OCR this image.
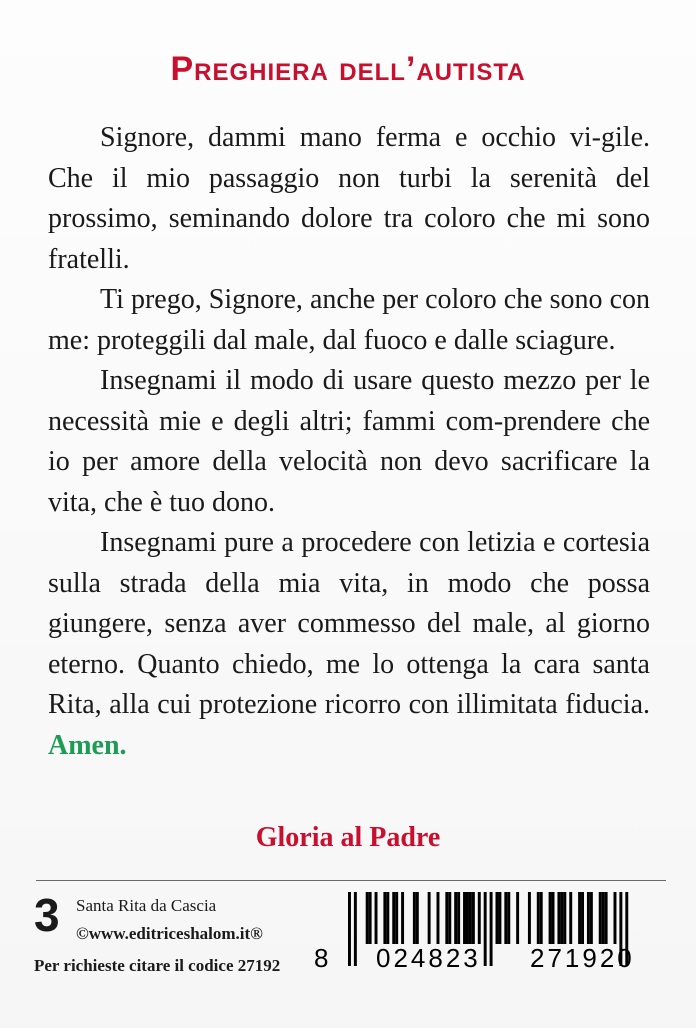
Preghiera dell’autista

Signore, dammi mano ferma e occhio vi-gile. Che il mio passaggio non turbi la serenità del prossimo, seminando dolore tra coloro che mi sono fratelli.

Ti prego, Signore, anche per coloro che sono con me: proteggili dal male, dal fuoco e dalle sciagure.

Insegnami il modo di usare questo mezzo per le necessità mie e degli altri; fammi com-prendere che io per amore della velocità non devo sacrificare la vita, che è tuo dono.

Insegnami pure a procedere con letizia e cortesia sulla strada della mia vita, in modo che possa giungere, senza aver commesso del male, al giorno eterno. Quanto chiedo, me lo ottenga la cara santa Rita, alla cui protezione ricorro con illimitata fiducia. Amen.

Gloria al Padre
3 Santa Rita da Cascia
©www.editriceshalom.it®
Per richieste citare il codice 27192 8 024823 271920
